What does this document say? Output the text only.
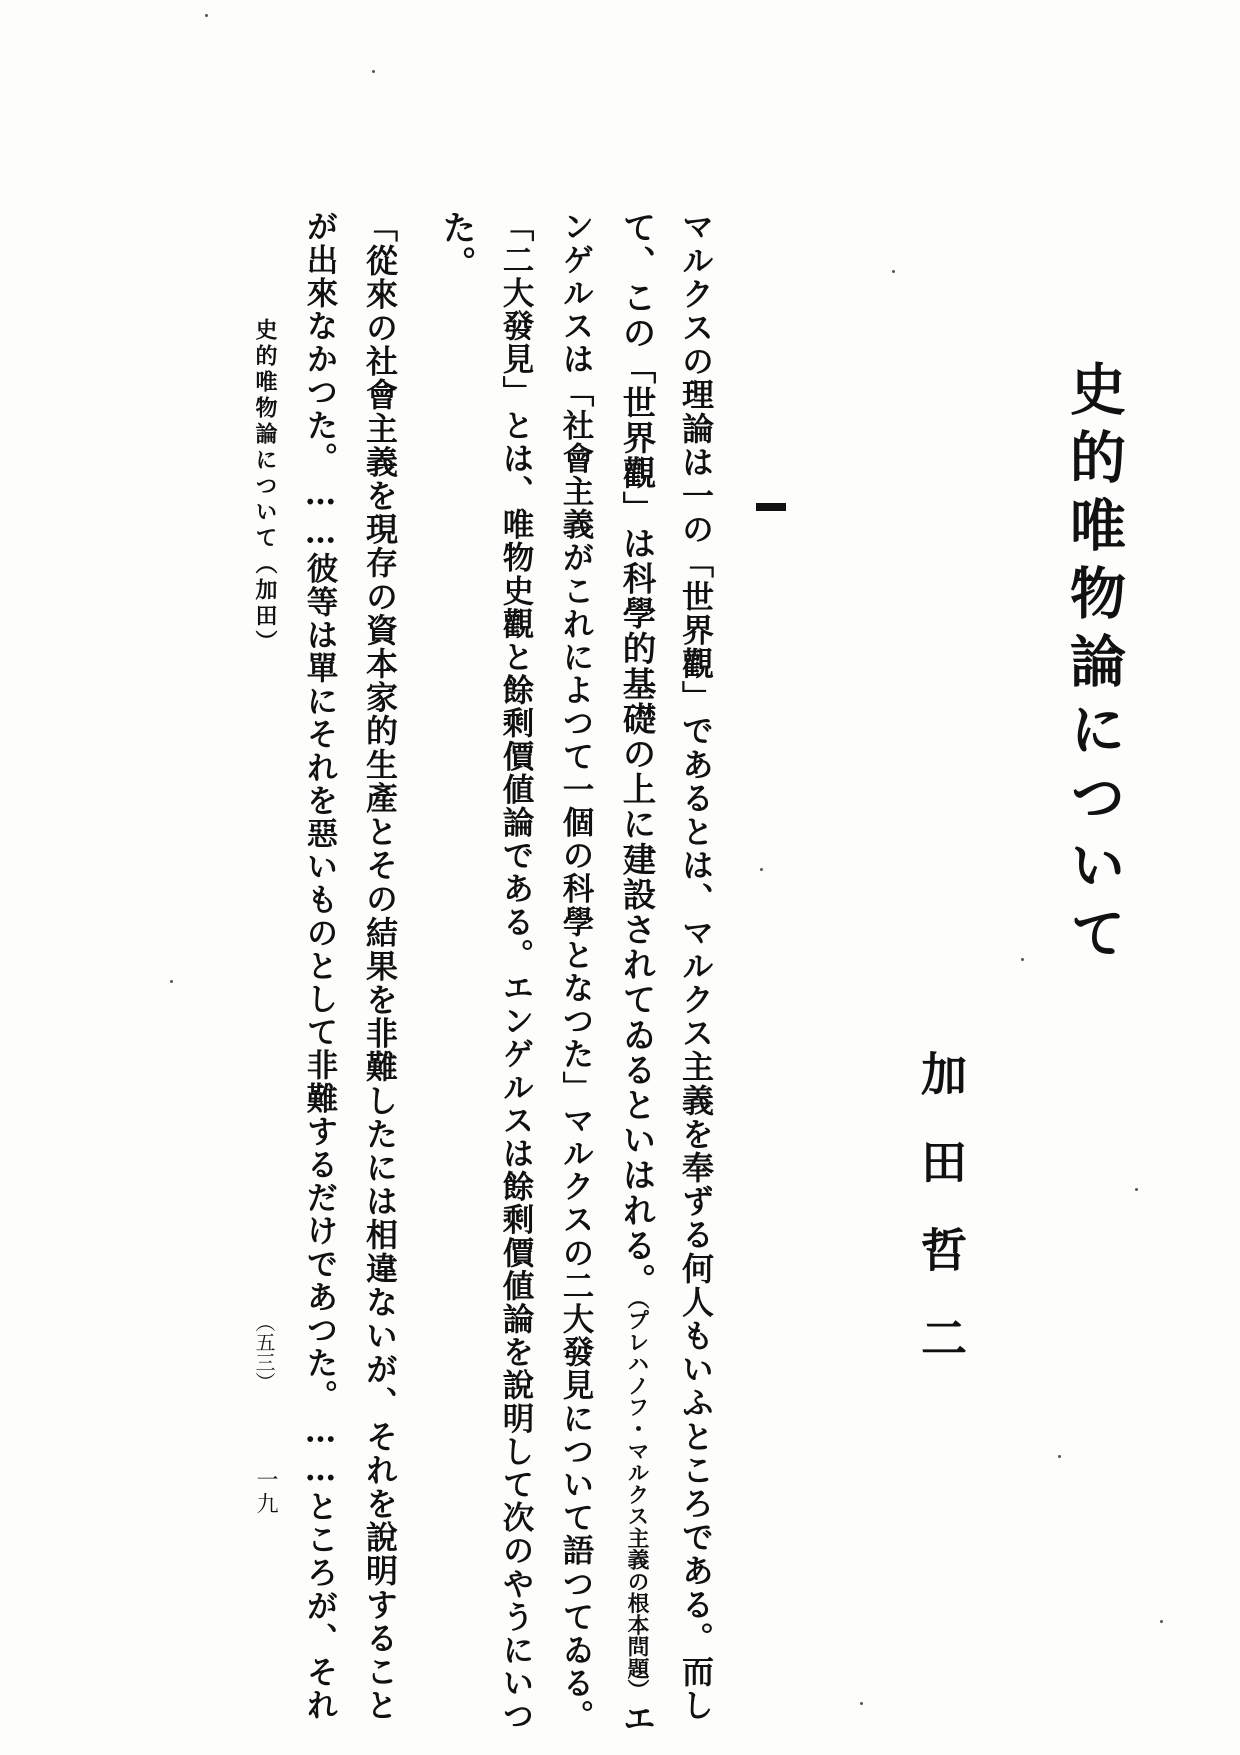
史的唯物論について
加田哲二

マルクスの理論は一の「世界觀」であるとは、マルクス主義を奉ずる何人もいふところである。而し

て、この「世界觀」は科學的基礎の上に建設されてゐるといはれる。（プレハノフ・マルクス主義の根本問題）エ

ンゲルスは「社會主義がこれによつて一個の科學となつた」マルクスの二大發見について語つてゐる。

「二大發見」とは、唯物史觀と餘剩價値論である。エンゲルスは餘剩價値論を說明して次のやうにいつ

た。

「從來の社會主義を現存の資本家的生產とその結果を非難したには相違ないが、それを說明すること

が出來なかつた。……彼等は單にそれを惡いものとして非難するだけであつた。……ところが、それ

史的唯物論について（加田）
（五三）
一九
